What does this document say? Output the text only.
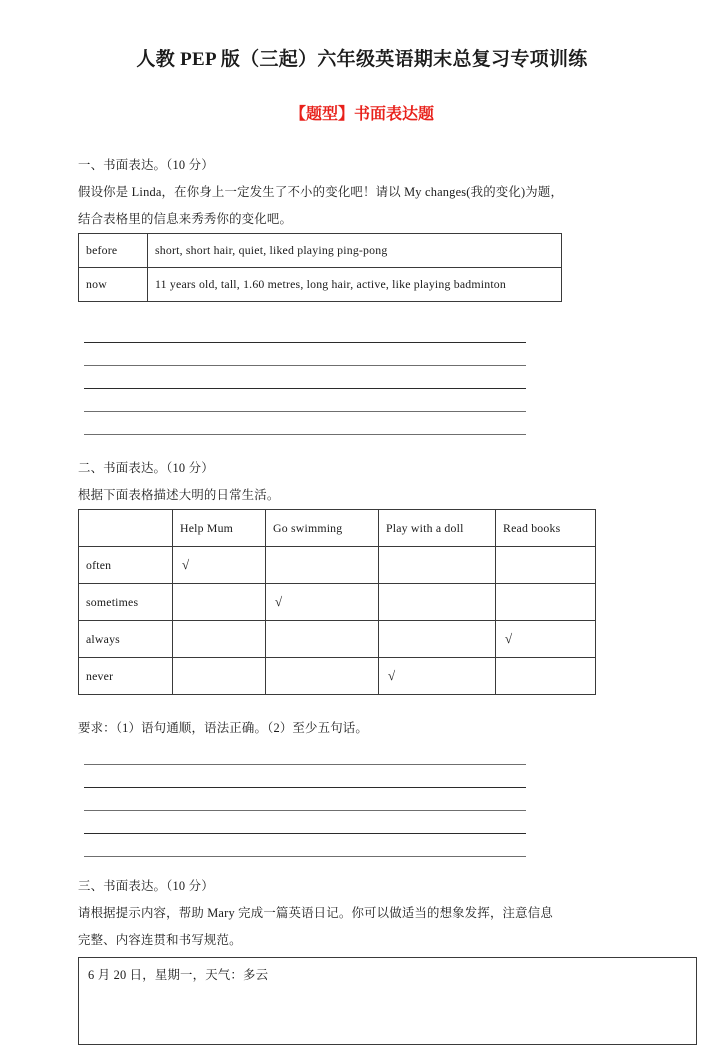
人教 PEP 版（三起）六年级英语期末总复习专项训练
【题型】书面表达题
一、书面表达。（10 分）
假设你是 Linda，在你身上一定发生了不小的变化吧！请以 My changes(我的变化)为题，
结合表格里的信息来秀秀你的变化吧。
before	short, short hair, quiet, liked playing ping-pong
now	11 years old, tall, 1.60 metres, long hair, active, like playing badminton
二、书面表达。（10 分）
根据下面表格描述大明的日常生活。
	Help Mum	Go swimming	Play with a doll	Read books
often	√			
sometimes		√		
always				√
never			√	
要求：（1）语句通顺，语法正确。（2）至少五句话。
三、书面表达。（10 分）
请根据提示内容，帮助 Mary 完成一篇英语日记。你可以做适当的想象发挥，注意信息
完整、内容连贯和书写规范。
6 月 20 日，星期一，天气：多云
